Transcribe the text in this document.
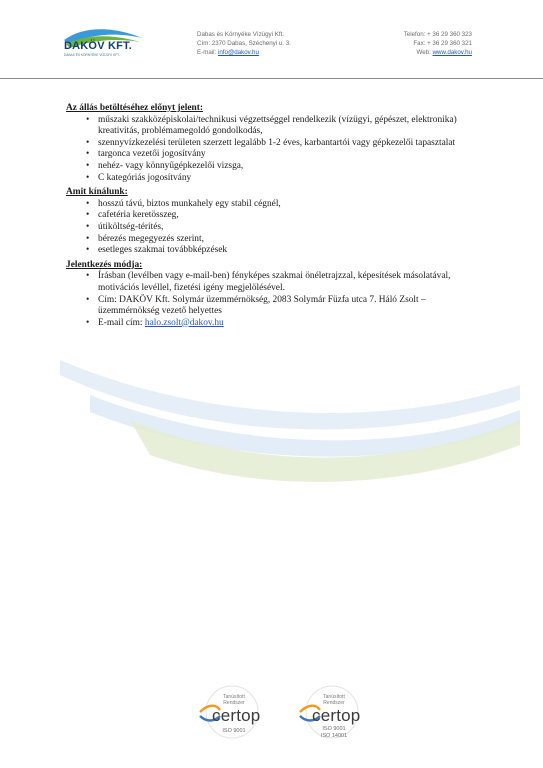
DAKÖV KFT.
DABAS ÉS KÖRNYÉKE VÍZÜGYI KFT.
Dabas és Környéke Vízügyi Kft.
Cím: 2370 Dabas, Széchenyi u. 3.
E-mail: info@dakov.hu
Telefon: + 36 29 360 323
Fax: + 36 29 360 321
Web: www.dakov.hu

Az állás betöltéséhez előnyt jelent:

• műszaki szakközépiskolai/technikusi végzettséggel rendelkezik (vízügyi, gépészet, elektronika) kreativitás, problémamegoldó gondolkodás,
• szennyvízkezelési területen szerzett legalább 1-2 éves, karbantartói vagy gépkezelői tapasztalat
• targonca vezetői jogosítvány
• nehéz- vagy könnyűgépkezelői vizsga,
• C kategóriás jogosítvány

Amit kínálunk:

• hosszú távú, biztos munkahely egy stabil cégnél,
• cafetéria keretösszeg,
• útiköltség-térítés,
• bérezés megegyezés szerint,
• esetleges szakmai továbbképzések

Jelentkezés módja:

• Írásban (levélben vagy e-mail-ben) fényképes szakmai önéletrajzzal, képesítések másolatával, motivációs levéllel, fizetési igény megjelölésével.
• Cím: DAKÖV Kft. Solymár üzemmérnökség, 2083 Solymár Füzfa utca 7. Háló Zsolt – üzemmérnökség vezető helyettes
• E-mail cím: halo.zsolt@dakov.hu
Tanúsított
Rendszer
certop
ISO 9001
Tanúsított
Rendszer
certop
ISO 9001
ISO 14001
